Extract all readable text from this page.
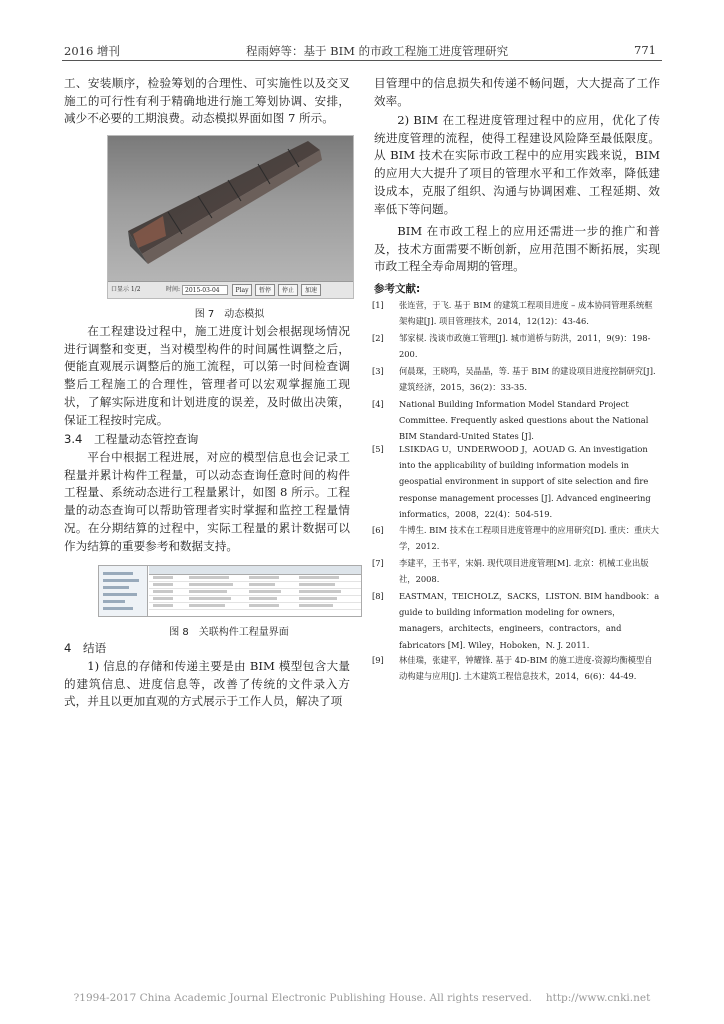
2016 增刊	程雨婷等：基于 BIM 的市政工程施工进度管理研究	771

工、安装顺序，检验筹划的合理性、可实施性以及交叉施工的可行性有利于精确地进行施工筹划协调、安排，减少不必要的工期浪费。动态模拟界面如图 7 所示。

口显示 1/2	时间: 2015-03-04	Play	暂停	停止	加速
图 7　动态模拟

在工程建设过程中，施工进度计划会根据现场情况进行调整和变更，当对模型构件的时间属性调整之后，便能直观展示调整后的施工流程，可以第一时间检查调整后工程施工的合理性，管理者可以宏观掌握施工现状，了解实际进度和计划进度的误差，及时做出决策，保证工程按时完成。

3.4　工程量动态管控查询

平台中根据工程进展，对应的模型信息也会记录工程量并累计构件工程量，可以动态查询任意时间的构件工程量、系统动态进行工程量累计，如图 8 所示。工程量的动态查询可以帮助管理者实时掌握和监控工程量情况。在分期结算的过程中，实际工程量的累计数据可以作为结算的重要参考和数据支持。

图 8　关联构件工程量界面
4　结语

1) 信息的存储和传递主要是由 BIM 模型包含大量的建筑信息、进度信息等，改善了传统的文件录入方式，并且以更加直观的方式展示于工作人员，解决了项

目管理中的信息损失和传递不畅问题，大大提高了工作效率。

2) BIM 在工程进度管理过程中的应用，优化了传统进度管理的流程，使得工程建设风险降至最低限度。从 BIM 技术在实际市政工程中的应用实践来说，BIM 的应用大大提升了项目的管理水平和工作效率，降低建设成本，克服了组织、沟通与协调困难、工程延期、效率低下等问题。

BIM 在市政工程上的应用还需进一步的推广和普及，技术方面需要不断创新，应用范围不断拓展，实现市政工程全寿命周期的管理。

参考文献:
[1] 张连营，于飞. 基于 BIM 的建筑工程项目进度 – 成本协同管理系统框架构建[J]. 项目管理技术，2014，12(12)：43-46.
[2] 邹家棂. 浅谈市政施工管理[J]. 城市道桥与防洪，2011，9(9)：198-200.
[3] 何晨琛，王晓鸣，吴晶晶，等. 基于 BIM 的建设项目进度控制研究[J]. 建筑经济，2015，36(2)：33-35.
[4] National Building Information Model Standard Project Committee. Frequently asked questions about the National BIM Standard-United States [J].
[5] LSIKDAG U，UNDERWOOD J，AOUAD G. An investigation into the applicability of building information models in geospatial environment in support of site selection and fire response management processes [J]. Advanced engineering informatics，2008，22(4)：504-519.
[6] 牛博生. BIM 技术在工程项目进度管理中的应用研究[D]. 重庆：重庆大学，2012.
[7] 李建平，王书平，宋娟. 现代项目进度管理[M]. 北京：机械工业出版社，2008.
[8] EASTMAN，TEICHOLZ，SACKS，LISTON. BIM handbook：a guide to building information modeling for owners，managers，architects，engineers，contractors，and fabricators [M]. Wiley，Hoboken，N. J. 2011.
[9] 林佳瑞，张建平，钟耀锋. 基于 4D-BIM 的施工进度-资源均衡模型自动构建与应用[J]. 土木建筑工程信息技术，2014，6(6)：44-49.
?1994-2017 China Academic Journal Electronic Publishing House. All rights reserved.　 http://www.cnki.net
